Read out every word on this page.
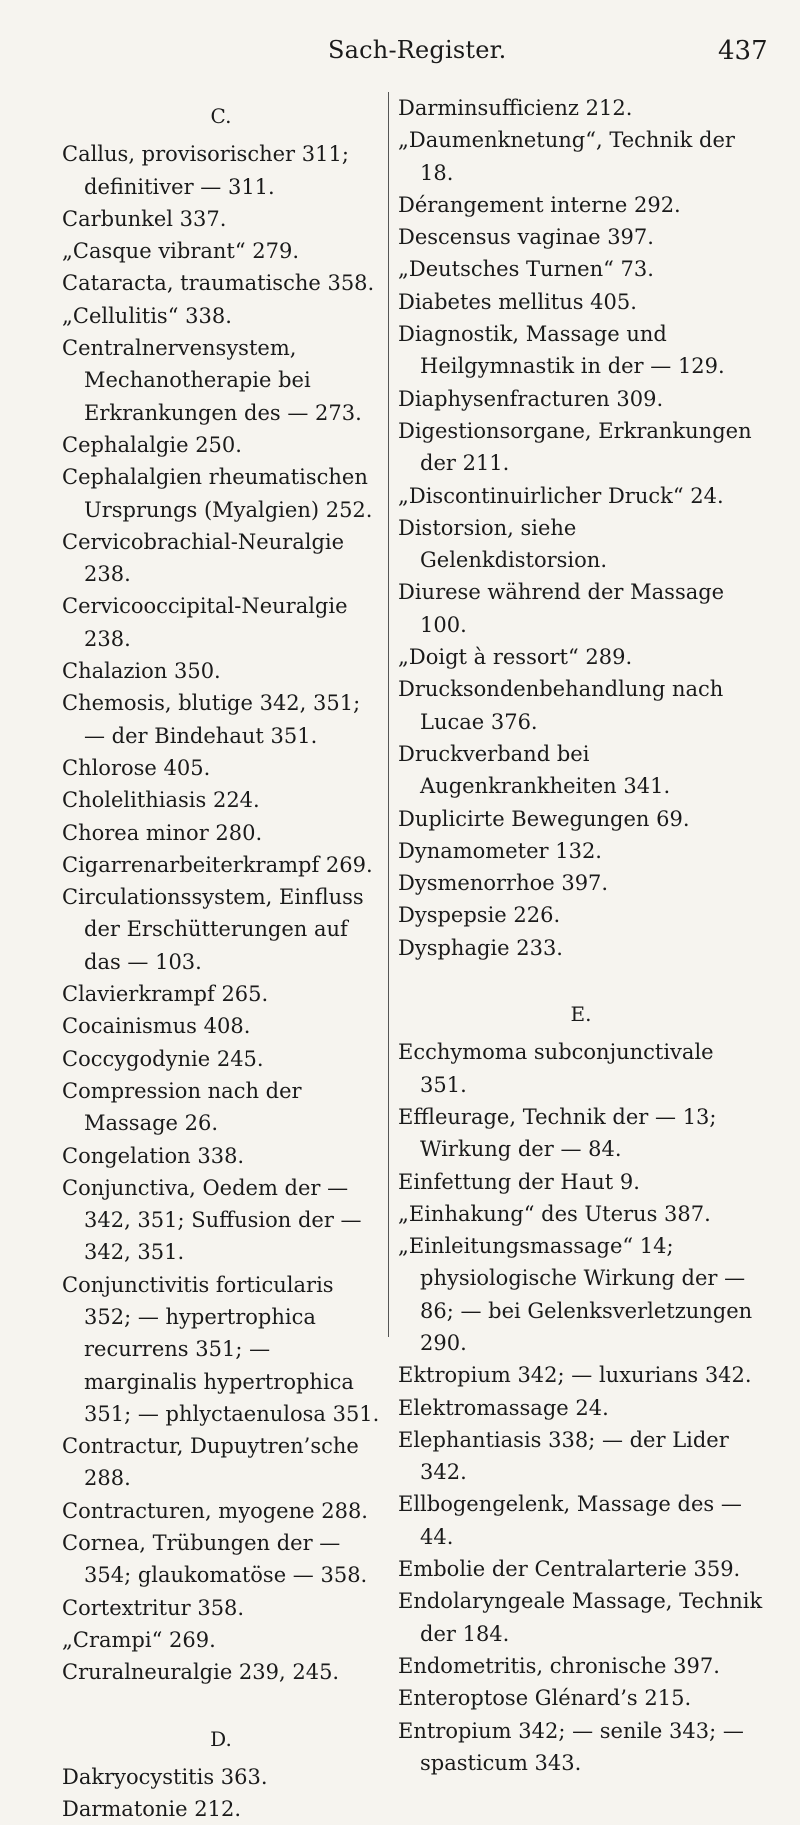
Sach-Register.	437
C.
Callus, provisorischer 311; definitiver — 311.
Carbunkel 337.
„Casque vibrant“ 279.
Cataracta, traumatische 358.
„Cellulitis“ 338.
Centralnervensystem, Mechanotherapie bei Erkrankungen des — 273.
Cephalalgie 250.
Cephalalgien rheumatischen Ursprungs (Myalgien) 252.
Cervicobrachial-Neuralgie 238.
Cervicooccipital-Neuralgie 238.
Chalazion 350.
Chemosis, blutige 342, 351; — der Bindehaut 351.
Chlorose 405.
Cholelithiasis 224.
Chorea minor 280.
Cigarrenarbeiterkrampf 269.
Circulationssystem, Einfluss der Erschütterungen auf das — 103.
Clavierkrampf 265.
Cocainismus 408.
Coccygodynie 245.
Compression nach der Massage 26.
Congelation 338.
Conjunctiva, Oedem der — 342, 351; Suffusion der — 342, 351.
Conjunctivitis forticularis 352; — hypertrophica recurrens 351; — marginalis hypertrophica 351; — phlyctaenulosa 351.
Contractur, Dupuytren’sche 288.
Contracturen, myogene 288.
Cornea, Trübungen der — 354; glaukomatöse — 358.
Cortextritur 358.
„Crampi“ 269.
Cruralneuralgie 239, 245.
D.
Dakryocystitis 363.
Darmatonie 212.
Darminsufficienz 212.
„Daumenknetung“, Technik der 18.
Dérangement interne 292.
Descensus vaginae 397.
„Deutsches Turnen“ 73.
Diabetes mellitus 405.
Diagnostik, Massage und Heilgymnastik in der — 129.
Diaphysenfracturen 309.
Digestionsorgane, Erkrankungen der 211.
„Discontinuirlicher Druck“ 24.
Distorsion, siehe Gelenkdistorsion.
Diurese während der Massage 100.
„Doigt à ressort“ 289.
Drucksondenbehandlung nach Lucae 376.
Druckverband bei Augenkrankheiten 341.
Duplicirte Bewegungen 69.
Dynamometer 132.
Dysmenorrhoe 397.
Dyspepsie 226.
Dysphagie 233.
E.
Ecchymoma subconjunctivale 351.
Effleurage, Technik der — 13; Wirkung der — 84.
Einfettung der Haut 9.
„Einhakung“ des Uterus 387.
„Einleitungsmassage“ 14; physiologische Wirkung der — 86; — bei Gelenksverletzungen 290.
Ektropium 342; — luxurians 342.
Elektromassage 24.
Elephantiasis 338; — der Lider 342.
Ellbogengelenk, Massage des — 44.
Embolie der Centralarterie 359.
Endolaryngeale Massage, Technik der 184.
Endometritis, chronische 397.
Enteroptose Glénard’s 215.
Entropium 342; — senile 343; — spasticum 343.
